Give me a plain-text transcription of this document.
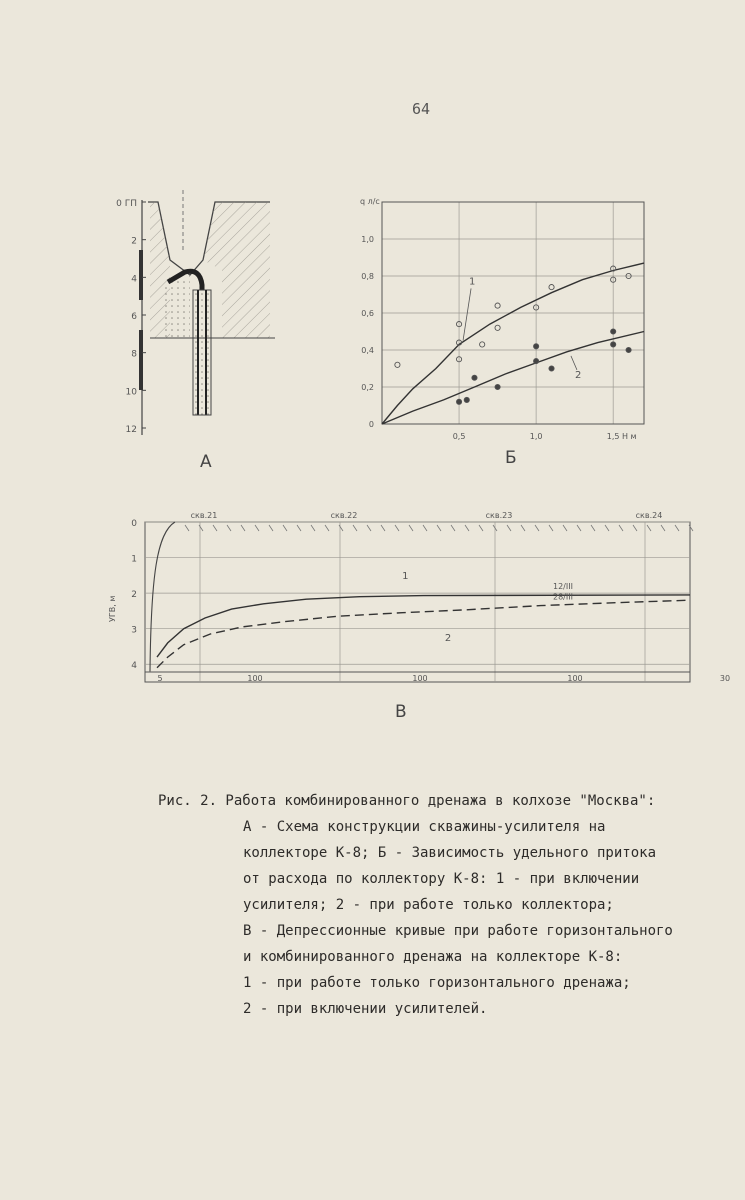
64
0 ГП
2
4
6
8
10
12
А
0
0,2
0,4
0,6
0,8
1,0
0,5	1,0	1,5 H м
q л/с
1
2
Б
0
1
2
3
4
УГВ, м
скв.21	скв.22	скв.23	скв.24
5	100	100	100	30
1
2
12/III
28/III
В
Рис. 2. Работа комбинированного дренажа в колхозе "Москва":
А - Схема конструкции скважины-усилителя на
коллекторе К-8; Б - Зависимость удельного притока
от расхода по коллектору К-8: 1 - при включении
усилителя; 2 - при работе только коллектора;
В - Депрессионные кривые при работе горизонтального
и комбинированного дренажа на коллекторе К-8:
1 - при работе только горизонтального дренажа;
2 - при включении усилителей.
